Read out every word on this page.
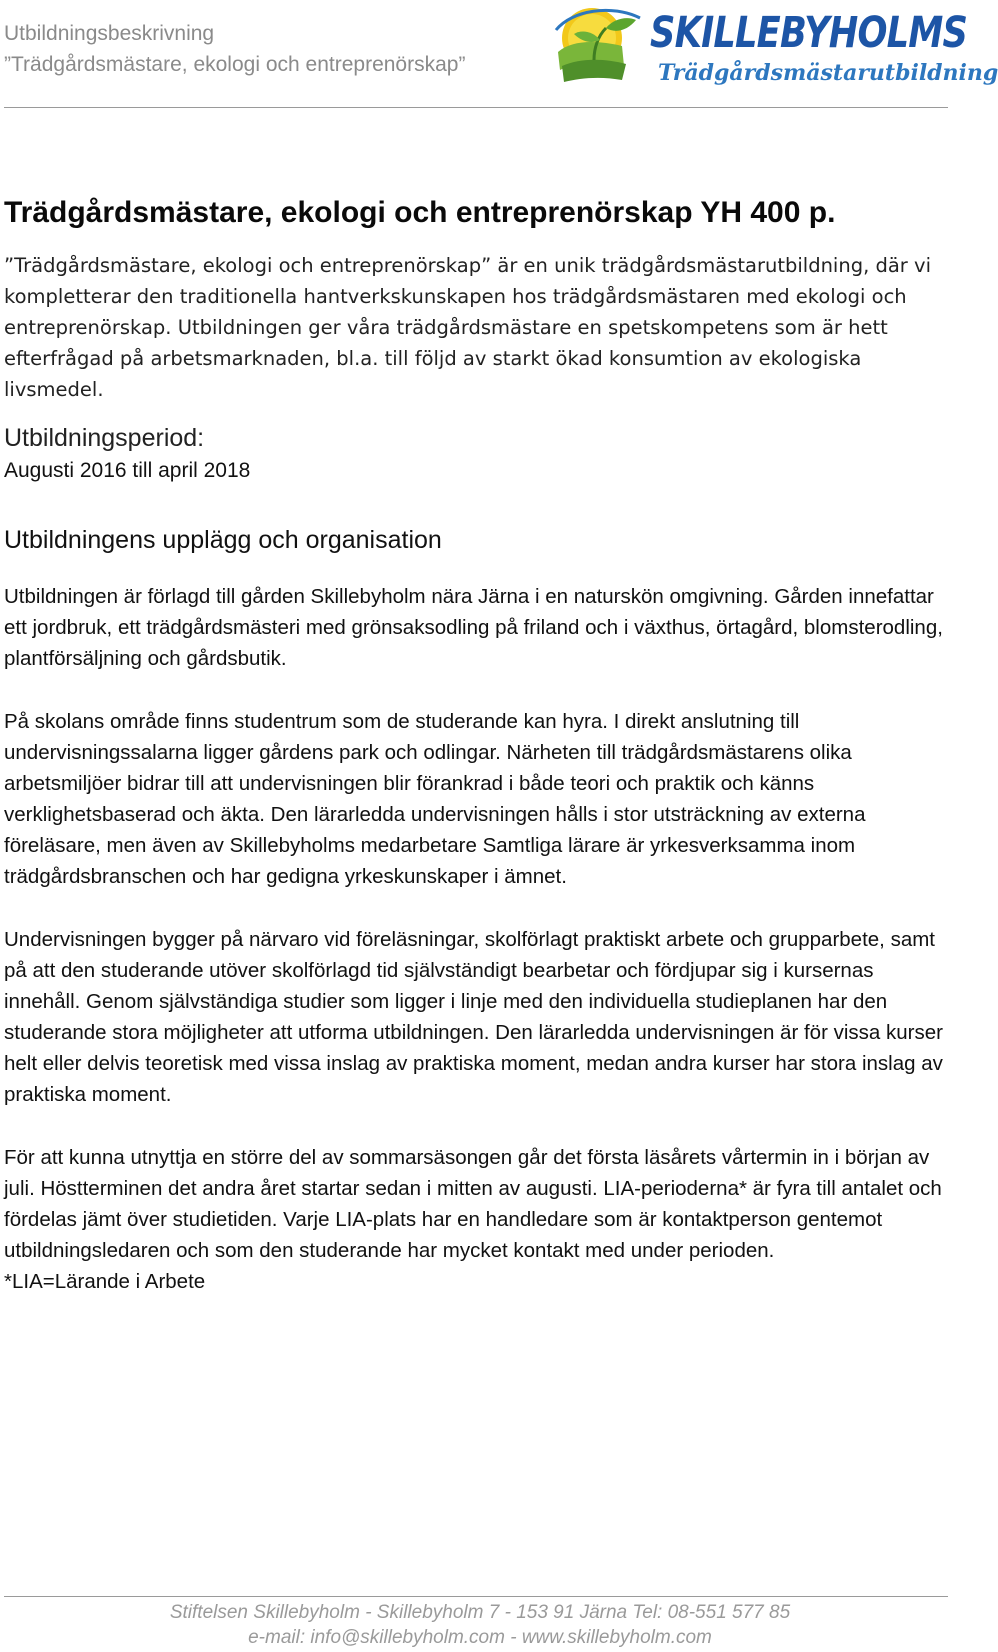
Utbildningsbeskrivning
”Trädgårdsmästare, ekologi och entreprenörskap”
SKILLEBYHOLMS
Trädgårdsmästarutbildning
Trädgårdsmästare, ekologi och entreprenörskap YH 400 p.

”Trädgårdsmästare, ekologi och entreprenörskap” är en unik trädgårdsmästarutbildning, där vi kompletterar den traditionella hantverkskunskapen hos trädgårdsmästaren med ekologi och entreprenörskap. Utbildningen ger våra trädgårdsmästare en spetskompetens som är hett efterfrågad på arbetsmarknaden, bl.a. till följd av starkt ökad konsumtion av ekologiska livsmedel.

Utbildningsperiod:
Augusti 2016 till april 2018
Utbildningens upplägg och organisation

Utbildningen är förlagd till gården Skillebyholm nära Järna i en naturskön omgivning. Gården innefattar ett jordbruk, ett trädgårdsmästeri med grönsaksodling på friland och i växthus, örtagård, blomsterodling, plantförsäljning och gårdsbutik.

På skolans område finns studentrum som de studerande kan hyra. I direkt anslutning till undervisningssalarna ligger gårdens park och odlingar. Närheten till trädgårdsmästarens olika arbetsmiljöer bidrar till att undervisningen blir förankrad i både teori och praktik och känns verklighetsbaserad och äkta. Den lärarledda undervisningen hålls i stor utsträckning av externa föreläsare, men även av Skillebyholms medarbetare Samtliga lärare är yrkesverksamma inom trädgårdsbranschen och har gedigna yrkeskunskaper i ämnet.

Undervisningen bygger på närvaro vid föreläsningar, skolförlagt praktiskt arbete och grupparbete, samt på att den studerande utöver skolförlagd tid självständigt bearbetar och fördjupar sig i kursernas innehåll. Genom självständiga studier som ligger i linje med den individuella studieplanen har den studerande stora möjligheter att utforma utbildningen. Den lärarledda undervisningen är för vissa kurser helt eller delvis teoretisk med vissa inslag av praktiska moment, medan andra kurser har stora inslag av praktiska moment.

För att kunna utnyttja en större del av sommarsäsongen går det första läsårets vårtermin in i början av juli. Höstterminen det andra året startar sedan i mitten av augusti. LIA-perioderna* är fyra till antalet och fördelas jämt över studietiden. Varje LIA-plats har en handledare som är kontaktperson gentemot utbildningsledaren och som den studerande har mycket kontakt med under perioden.

*LIA=Lärande i Arbete

Stiftelsen Skillebyholm - Skillebyholm 7 - 153 91 Järna Tel: 08-551 577 85
e-mail: info@skillebyholm.com - www.skillebyholm.com
